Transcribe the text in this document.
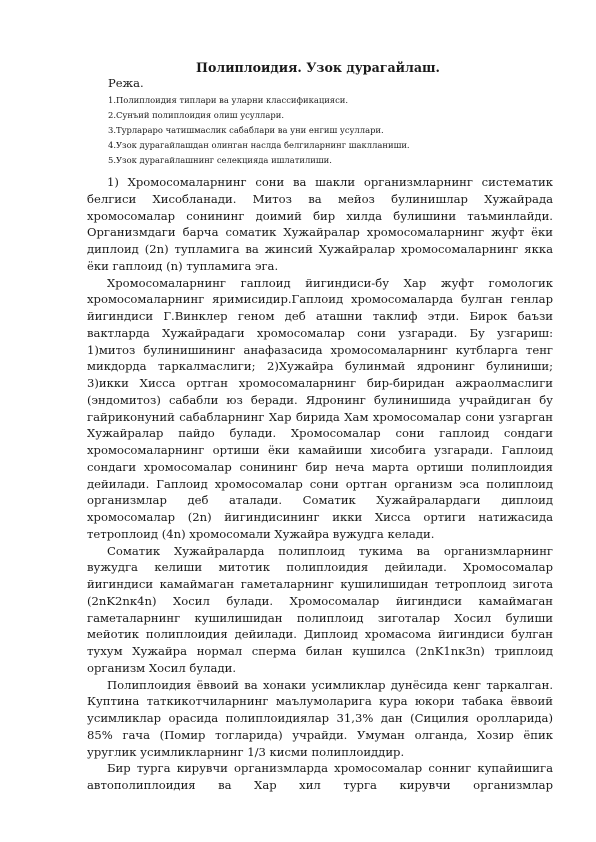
Полиплоидия. Узок дурагайлаш.
Режа.
1.Полиплоидия типлари ва уларни классификацияси.
2.Сунъий полиплоидия олиш усуллари.
3.Турлараро чатишмаслик сабаблари ва уни енгиш усуллари.
4.Узок дурагайлашдан олинган наслда белгиларнинг шаклланиши.
5.Узок дурагайлашнинг селекцияда ишлатилиши.

1) Хромосомаларнинг сони ва шакли организмларнинг систематик белгиси Хисобланади. Митоз ва мейоз булинишлар Хужайрада хромосомалар сонининг доимий бир хилда булишини таъминлайди. Организмдаги барча соматик Хужайралар хромосомаларнинг жуфт ёки диплоид (2n) тупламига ва жинсий Хужайралар хромосомаларнинг якка ёки гаплоид (n) тупламига эга.

Хромосомаларнинг гаплоид йигиндиси-бу Хар жуфт гомологик хромосомаларнинг яримисидир.Гаплоид хромосомаларда булган генлар йигиндиси Г.Винклер геном деб аташни таклиф этди. Бирок баъзи вактларда Хужайрадаги хромосомалар сони узгаради. Бу узгариш: 1)митоз булинишининг анафазасида хромосомаларнинг кутбларга тенг микдорда таркалмаслиги; 2)Хужайра булинмай ядронинг булиниши; 3)икки Хисса ортган хромосомаларнинг бир-биридан ажраолмаслиги (эндомитоз) сабабли юз беради. Ядронинг булинишида учрайдиган бу гайриконуний сабабларнинг Хар бирида Хам хромосомалар сони узгарган Хужайралар пайдо булади. Хромосомалар сони гаплоид сондаги хромосомаларнинг ортиши ёки камайиши хисобига узгаради. Гаплоид сондаги хромосомалар сонининг бир неча марта ортиши полиплоидия дейилади. Гаплоид хромосомалар сони ортган организм эса полиплоид организмлар деб аталади. Соматик Хужайралардаги диплоид хромосомалар (2n) йигиндисининг икки Хисса ортиги натижасида тетроплоид (4n) хромосомали Хужайра вужудга келади.

Соматик Хужайраларда полиплоид тукима ва организмларнинг вужудга келиши митотик полиплоидия дейилади. Хромосомалар йигиндиси камаймаган гаметаларнинг кушилишидан тетроплоид зигота (2nK2nк4n) Хосил булади. Хромосомалар йигиндиси камаймаган гаметаларнинг кушилишидан полиплоид зиготалар Хосил булиши мейотик полиплоидия дейилади. Диплоид хромасома йигиндиси булган тухум Хужайра нормал сперма билан кушилса (2nK1nк3n) триплоид организм Хосил булади.

Полиплоидия ёввоий ва хонаки усимликлар дунёсида кенг таркалган. Куптина таткикотчиларнинг маълумоларига кура юкори табака ёввоий усимликлар орасида полиплоидиялар 31,3% дан (Сицилия оролларида) 85% гача (Помир тогларида) учрайди. Умуман олганда, Хозир ёпик уруглик усимликларнинг 1/3 кисми полиплоиддир.

Бир турга кирувчи организмларда хромосомалар сонниг купайишига автополиплоидия ва Хар хил турга кирувчи организмлар
